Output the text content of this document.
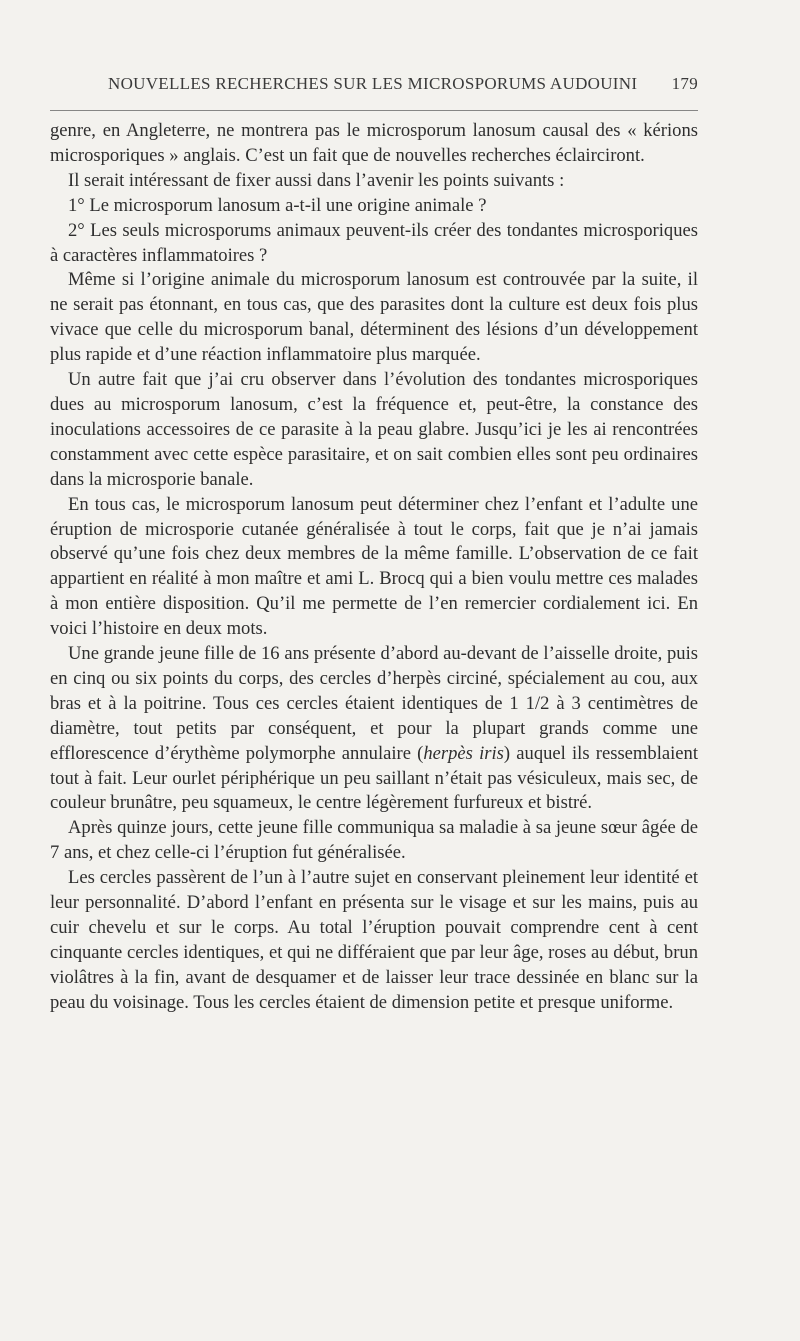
NOUVELLES RECHERCHES SUR LES MICROSPORUMS AUDOUINI 179

genre, en Angleterre, ne montrera pas le microsporum lanosum causal des « kérions microsporiques » anglais. C’est un fait que de nouvelles recherches éclairciront.

Il serait intéressant de fixer aussi dans l’avenir les points suivants :

1° Le microsporum lanosum a-t-il une origine animale ?

2° Les seuls microsporums animaux peuvent-ils créer des tondantes microsporiques à caractères inflammatoires ?

Même si l’origine animale du microsporum lanosum est controuvée par la suite, il ne serait pas étonnant, en tous cas, que des parasites dont la culture est deux fois plus vivace que celle du microsporum banal, déterminent des lésions d’un développement plus rapide et d’une réaction inflammatoire plus marquée.

Un autre fait que j’ai cru observer dans l’évolution des tondantes microsporiques dues au microsporum lanosum, c’est la fréquence et, peut-être, la constance des inoculations accessoires de ce parasite à la peau glabre. Jusqu’ici je les ai rencontrées constamment avec cette espèce parasitaire, et on sait combien elles sont peu ordinaires dans la microsporie banale.

En tous cas, le microsporum lanosum peut déterminer chez l’enfant et l’adulte une éruption de microsporie cutanée généralisée à tout le corps, fait que je n’ai jamais observé qu’une fois chez deux membres de la même famille. L’observation de ce fait appartient en réalité à mon maître et ami L. Brocq qui a bien voulu mettre ces malades à mon entière disposition. Qu’il me permette de l’en remercier cordialement ici. En voici l’histoire en deux mots.

Une grande jeune fille de 16 ans présente d’abord au-devant de l’aisselle droite, puis en cinq ou six points du corps, des cercles d’herpès circiné, spécialement au cou, aux bras et à la poitrine. Tous ces cercles étaient identiques de 1 1/2 à 3 centimètres de diamètre, tout petits par conséquent, et pour la plupart grands comme une efflorescence d’érythème polymorphe annulaire (herpès iris) auquel ils ressemblaient tout à fait. Leur ourlet périphérique un peu saillant n’était pas vésiculeux, mais sec, de couleur brunâtre, peu squameux, le centre légèrement furfureux et bistré.

Après quinze jours, cette jeune fille communiqua sa maladie à sa jeune sœur âgée de 7 ans, et chez celle-ci l’éruption fut généralisée.

Les cercles passèrent de l’un à l’autre sujet en conservant pleinement leur identité et leur personnalité. D’abord l’enfant en présenta sur le visage et sur les mains, puis au cuir chevelu et sur le corps. Au total l’éruption pouvait comprendre cent à cent cinquante cercles identiques, et qui ne différaient que par leur âge, roses au début, brun violâtres à la fin, avant de desquamer et de laisser leur trace dessinée en blanc sur la peau du voisinage. Tous les cercles étaient de dimension petite et presque uniforme.
